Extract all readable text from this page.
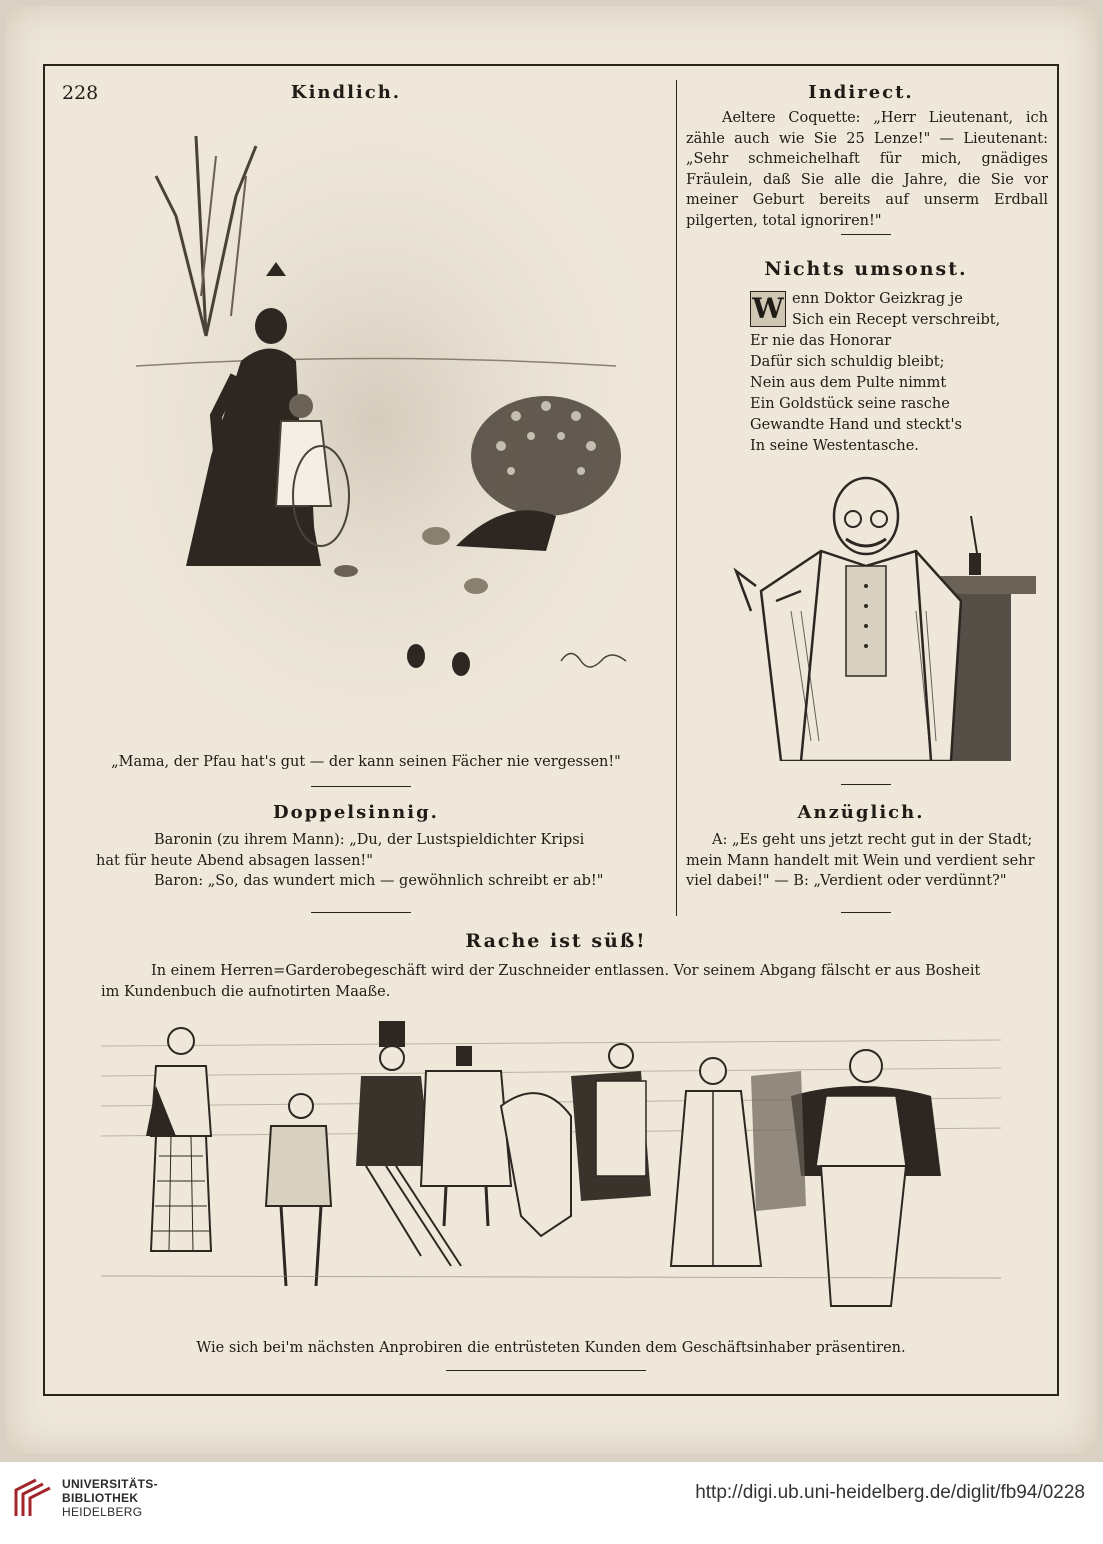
228	Kindlich.
„Mama, der Pfau hat's gut — der kann seinen Fächer nie vergessen!"
Indirect.

Aeltere Coquette: „Herr Lieutenant, ich zähle auch wie Sie 25 Lenze!" — Lieutenant: „Sehr schmeichelhaft für mich, gnädiges Fräulein, daß Sie alle die Jahre, die Sie vor meiner Geburt bereits auf unserm Erdball pilgerten, total ignoriren!"

Nichts umsonst.
W enn Doktor Geizkrag je
Sich ein Recept verschreibt,
Er nie das Honorar
Dafür sich schuldig bleibt;
Nein aus dem Pulte nimmt
Ein Goldstück seine rasche
Gewandte Hand und steckt's
In seine Westentasche.
Doppelsinnig.
Baronin (zu ihrem Mann): „Du, der Lustspieldichter Kripsi
hat für heute Abend absagen lassen!"
Baron: „So, das wundert mich — gewöhnlich schreibt er ab!"
Anzüglich.
A: „Es geht uns jetzt recht gut in der Stadt;
mein Mann handelt mit Wein und verdient sehr
viel dabei!" — B: „Verdient oder verdünnt?"
Rache ist süß!
In einem Herren=Garderobegeschäft wird der Zuschneider entlassen. Vor seinem Abgang fälscht er aus Bosheit
im Kundenbuch die aufnotirten Maaße.
Wie sich bei'm nächsten Anprobiren die entrüsteten Kunden dem Geschäftsinhaber präsentiren.
UNIVERSITÄTS-
BIBLIOTHEK
HEIDELBERG
http://digi.ub.uni-heidelberg.de/diglit/fb94/0228
